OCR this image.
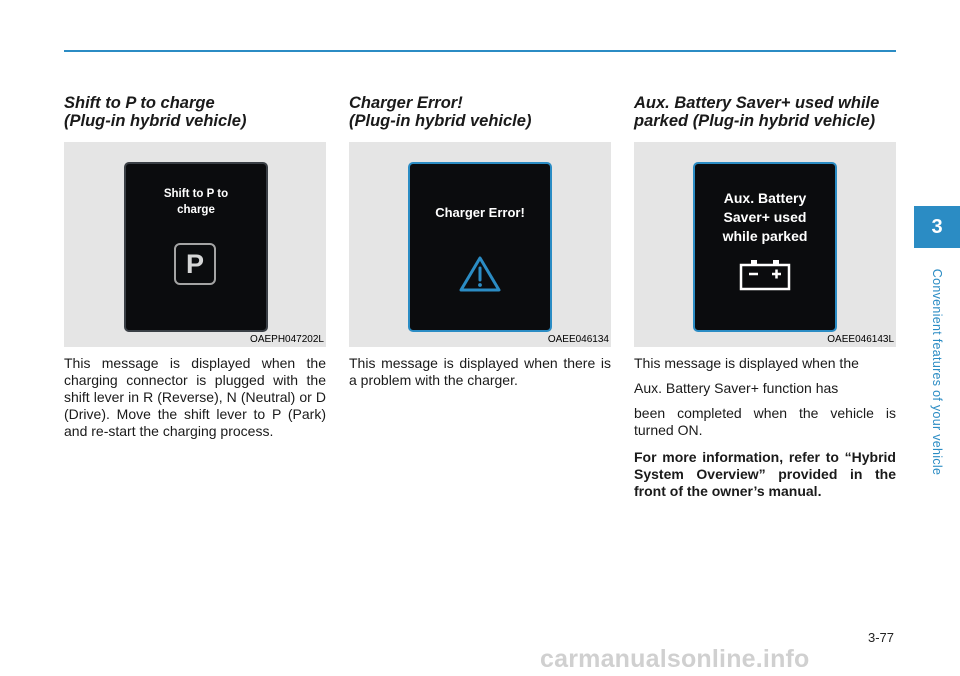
Shift to P to charge
(Plug-in hybrid vehicle)
Shift to P to
charge
P
OAEPH047202L

This message is displayed when the charging connector is plugged with the shift lever in R (Reverse), N (Neutral) or D (Drive). Move the shift lever to P (Park) and re-start the charging process.

Charger Error!
(Plug-in hybrid vehicle)
Charger Error!
OAEE046134

This message is displayed when there is a problem with the charger.

Aux. Battery Saver+ used while
parked (Plug-in hybrid vehicle)
Aux. Battery
Saver+ used
while parked
OAEE046143L

This message is displayed when the

Aux. Battery Saver+ function has

been completed when the vehicle is turned ON.

For more information, refer to “Hybrid System Overview” provided in the front of the owner’s manual.

3
Convenient features of your vehicle
3-77
carmanualsonline.info
